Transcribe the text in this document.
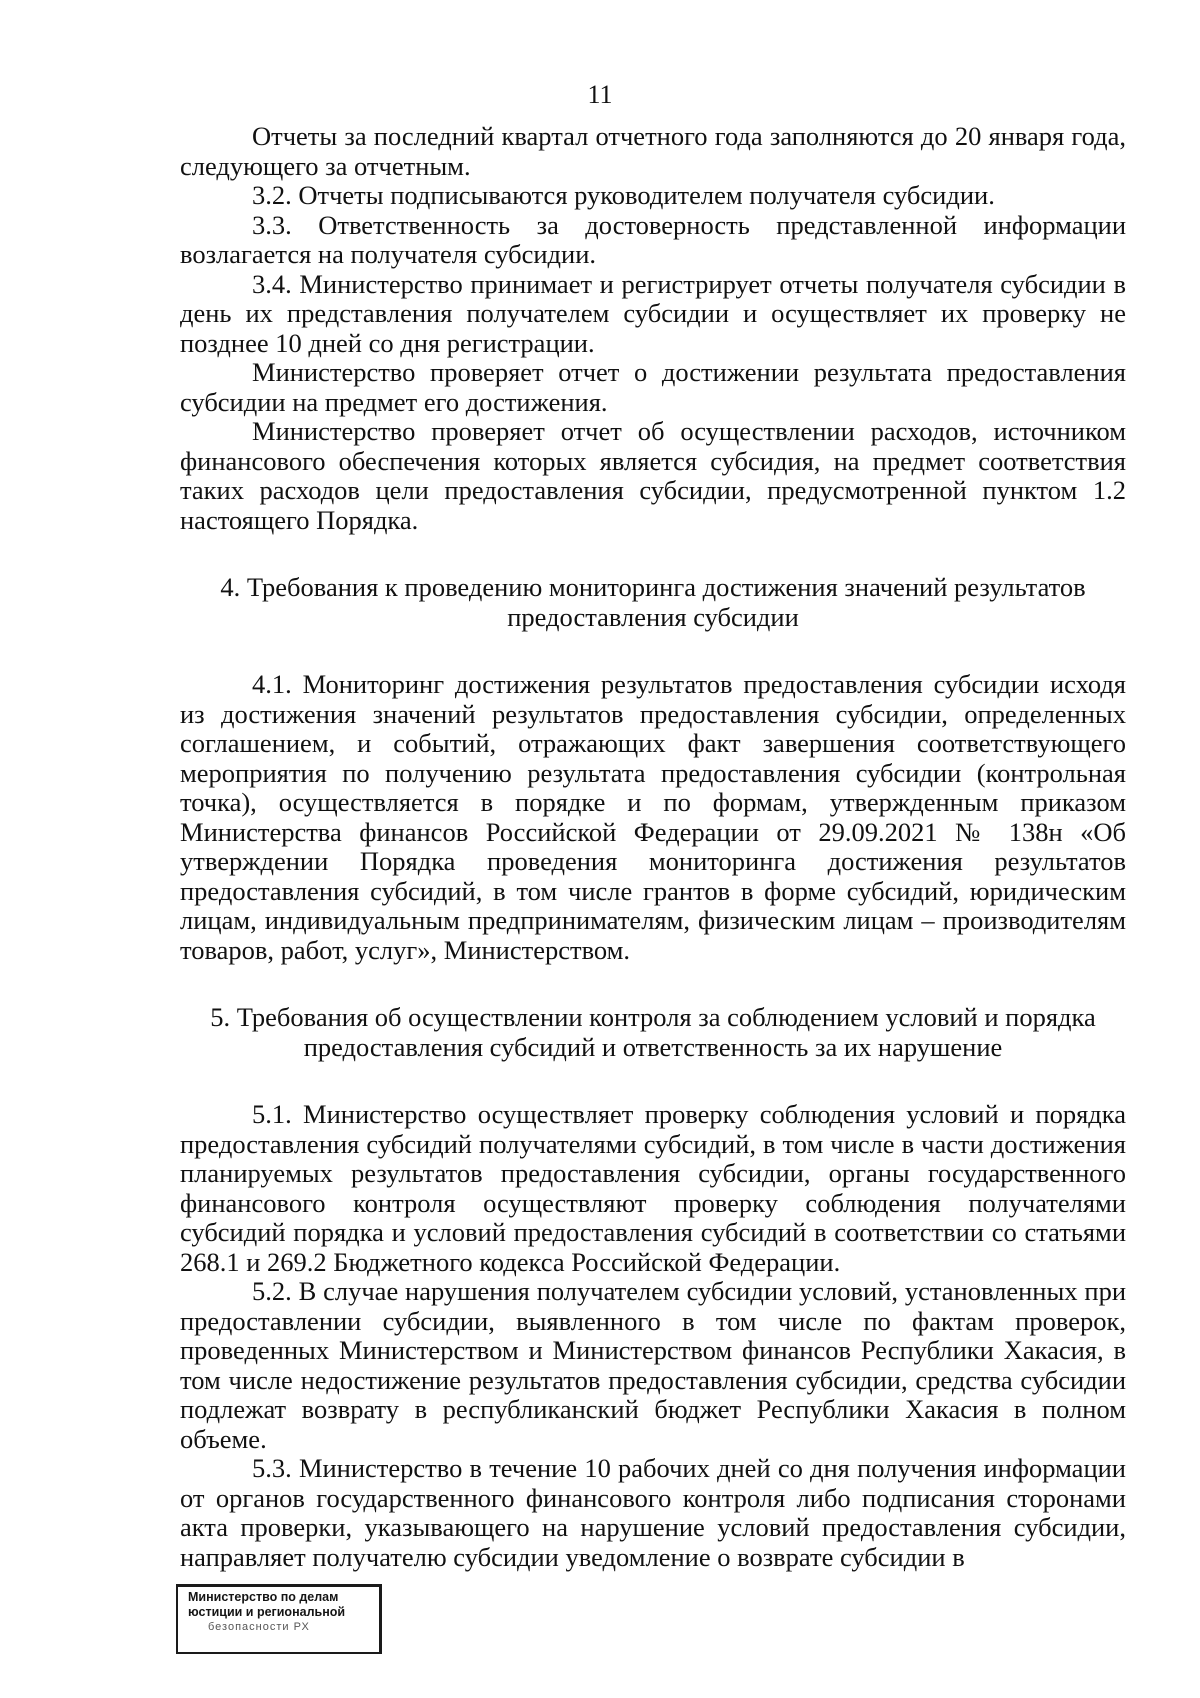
11

Отчеты за последний квартал отчетного года заполняются до 20 января года, следующего за отчетным.

3.2. Отчеты подписываются руководителем получателя субсидии.

3.3. Ответственность за достоверность представленной информации возлагается на получателя субсидии.

3.4. Министерство принимает и регистрирует отчеты получателя субсидии в день их представления получателем субсидии и осуществляет их проверку не позднее 10 дней со дня регистрации.

Министерство проверяет отчет о достижении результата предоставления субсидии на предмет его достижения.

Министерство проверяет отчет об осуществлении расходов, источником финансового обеспечения которых является субсидия, на предмет соответствия таких расходов цели предоставления субсидии, предусмотренной пунктом 1.2 настоящего Порядка.

4. Требования к проведению мониторинга достижения значений результатов
предоставления субсидии

4.1. Мониторинг достижения результатов предоставления субсидии исходя из достижения значений результатов предоставления субсидии, определенных соглашением, и событий, отражающих факт завершения соответствующего мероприятия по получению результата предоставления субсидии (контрольная точка), осуществляется в порядке и по формам, утвержденным приказом Министерства финансов Российской Федерации от 29.09.2021 № 138н «Об утверждении Порядка проведения мониторинга достижения результатов предоставления субсидий, в том числе грантов в форме субсидий, юридическим лицам, индивидуальным предпринимателям, физическим лицам – производителям товаров, работ, услуг», Министерством.

5. Требования об осуществлении контроля за соблюдением условий и порядка
предоставления субсидий и ответственность за их нарушение

5.1. Министерство осуществляет проверку соблюдения условий и порядка предоставления субсидий получателями субсидий, в том числе в части достижения планируемых результатов предоставления субсидии, органы государственного финансового контроля осуществляют проверку соблюдения получателями субсидий порядка и условий предоставления субсидий в соответствии со статьями 268.1 и 269.2 Бюджетного кодекса Российской Федерации.

5.2. В случае нарушения получателем субсидии условий, установленных при предоставлении субсидии, выявленного в том числе по фактам проверок, проведенных Министерством и Министерством финансов Республики Хакасия, в том числе недостижение результатов предоставления субсидии, средства субсидии подлежат возврату в республиканский бюджет Республики Хакасия в полном объеме.

5.3. Министерство в течение 10 рабочих дней со дня получения информации от органов государственного финансового контроля либо подписания сторонами акта проверки, указывающего на нарушение условий предоставления субсидии, направляет получателю субсидии уведомление о возврате субсидии в

Министерство по делам
юстиции и региональной
безопасности РХ
